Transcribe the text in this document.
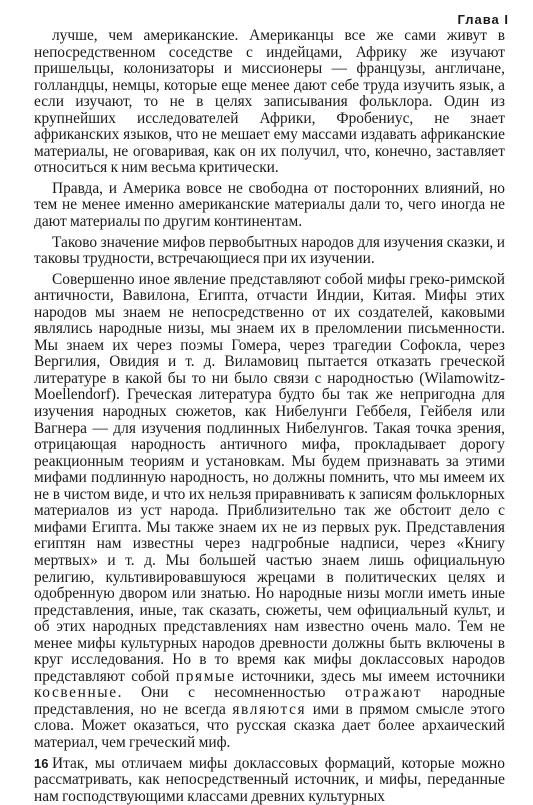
Глава I

лучше, чем американские. Американцы все же сами живут в непосредственном соседстве с индейцами, Африку же изучают пришельцы, колонизаторы и миссионеры — французы, англичане, голландцы, немцы, которые еще менее дают себе труда изучить язык, а если изучают, то не в целях записывания фольклора. Один из крупнейших исследователей Африки, Фробениус, не знает африканских языков, что не мешает ему массами издавать африканские материалы, не оговаривая, как он их получил, что, конечно, заставляет относиться к ним весьма критически.

Правда, и Америка вовсе не свободна от посторонних влияний, но тем не менее именно американские материалы дали то, чего иногда не дают материалы по другим континентам.

Таково значение мифов первобытных народов для изучения сказки, и таковы трудности, встречающиеся при их изучении.

Совершенно иное явление представляют собой мифы греко-римской античности, Вавилона, Египта, отчасти Индии, Китая. Мифы этих народов мы знаем не непосредственно от их создателей, каковыми являлись народные низы, мы знаем их в преломлении письменности. Мы знаем их через поэмы Гомера, через трагедии Софокла, через Вергилия, Овидия и т. д. Виламовиц пытается отказать греческой литературе в какой бы то ни было связи с народностью (Wilamowitz-Moellendorf). Греческая литература будто бы так же непригодна для изучения народных сюжетов, как Нибелунги Геббеля, Гейбеля или Вагнера — для изучения подлинных Нибелунгов. Такая точка зрения, отрицающая народность античного мифа, прокладывает дорогу реакционным теориям и установкам. Мы будем признавать за этими мифами подлинную народность, но должны помнить, что мы имеем их не в чистом виде, и что их нельзя приравнивать к записям фольклорных материалов из уст народа. Приблизительно так же обстоит дело с мифами Египта. Мы также знаем их не из первых рук. Представления египтян нам известны через надгробные надписи, через «Книгу мертвых» и т. д. Мы большей частью знаем лишь официальную религию, культивировавшуюся жрецами в политических целях и одобренную двором или знатью. Но народные низы могли иметь иные представления, иные, так сказать, сюжеты, чем официальный культ, и об этих народных представлениях нам известно очень мало. Тем не менее мифы культурных народов древности должны быть включены в круг исследования. Но в то время как мифы доклассовых народов представляют собой прямые источники, здесь мы имеем источники косвенные. Они с несомненностью отражают народные представления, но не всегда являются ими в прямом смысле этого слова. Может оказаться, что русская сказка дает более архаический материал, чем греческий миф.

Итак, мы отличаем мифы доклассовых формаций, которые можно рассматривать, как непосредственный источник, и мифы, переданные нам господствующими классами древних культурных

16
